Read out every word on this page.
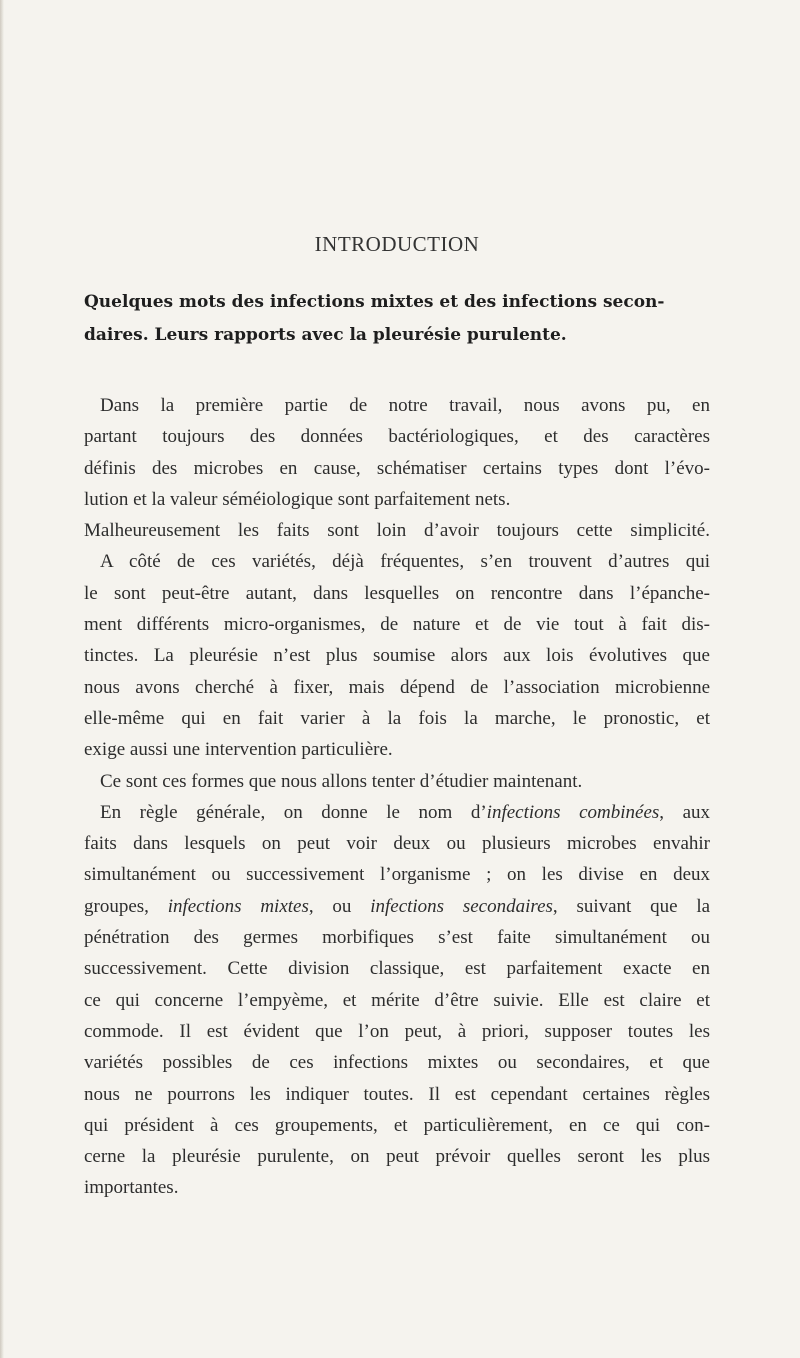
INTRODUCTION
Quelques mots des infections mixtes et des infections secon-
daires. Leurs rapports avec la pleurésie purulente.
Dans la première partie de notre travail, nous avons pu, en
partant toujours des données bactériologiques, et des caractères
définis des microbes en cause, schématiser certains types dont l’évo-
lution et la valeur séméiologique sont parfaitement nets.
Malheureusement les faits sont loin d’avoir toujours cette simplicité.
A côté de ces variétés, déjà fréquentes, s’en trouvent d’autres qui
le sont peut-être autant, dans lesquelles on rencontre dans l’épanche-
ment différents micro-organismes, de nature et de vie tout à fait dis-
tinctes. La pleurésie n’est plus soumise alors aux lois évolutives que
nous avons cherché à fixer, mais dépend de l’association microbienne
elle-même qui en fait varier à la fois la marche, le pronostic, et
exige aussi une intervention particulière.
Ce sont ces formes que nous allons tenter d’étudier maintenant.
En règle générale, on donne le nom d’infections combinées, aux
faits dans lesquels on peut voir deux ou plusieurs microbes envahir
simultanément ou successivement l’organisme ; on les divise en deux
groupes, infections mixtes, ou infections secondaires, suivant que la
pénétration des germes morbifiques s’est faite simultanément ou
successivement. Cette division classique, est parfaitement exacte en
ce qui concerne l’empyème, et mérite d’être suivie. Elle est claire et
commode. Il est évident que l’on peut, à priori, supposer toutes les
variétés possibles de ces infections mixtes ou secondaires, et que
nous ne pourrons les indiquer toutes. Il est cependant certaines règles
qui président à ces groupements, et particulièrement, en ce qui con-
cerne la pleurésie purulente, on peut prévoir quelles seront les plus
importantes.
